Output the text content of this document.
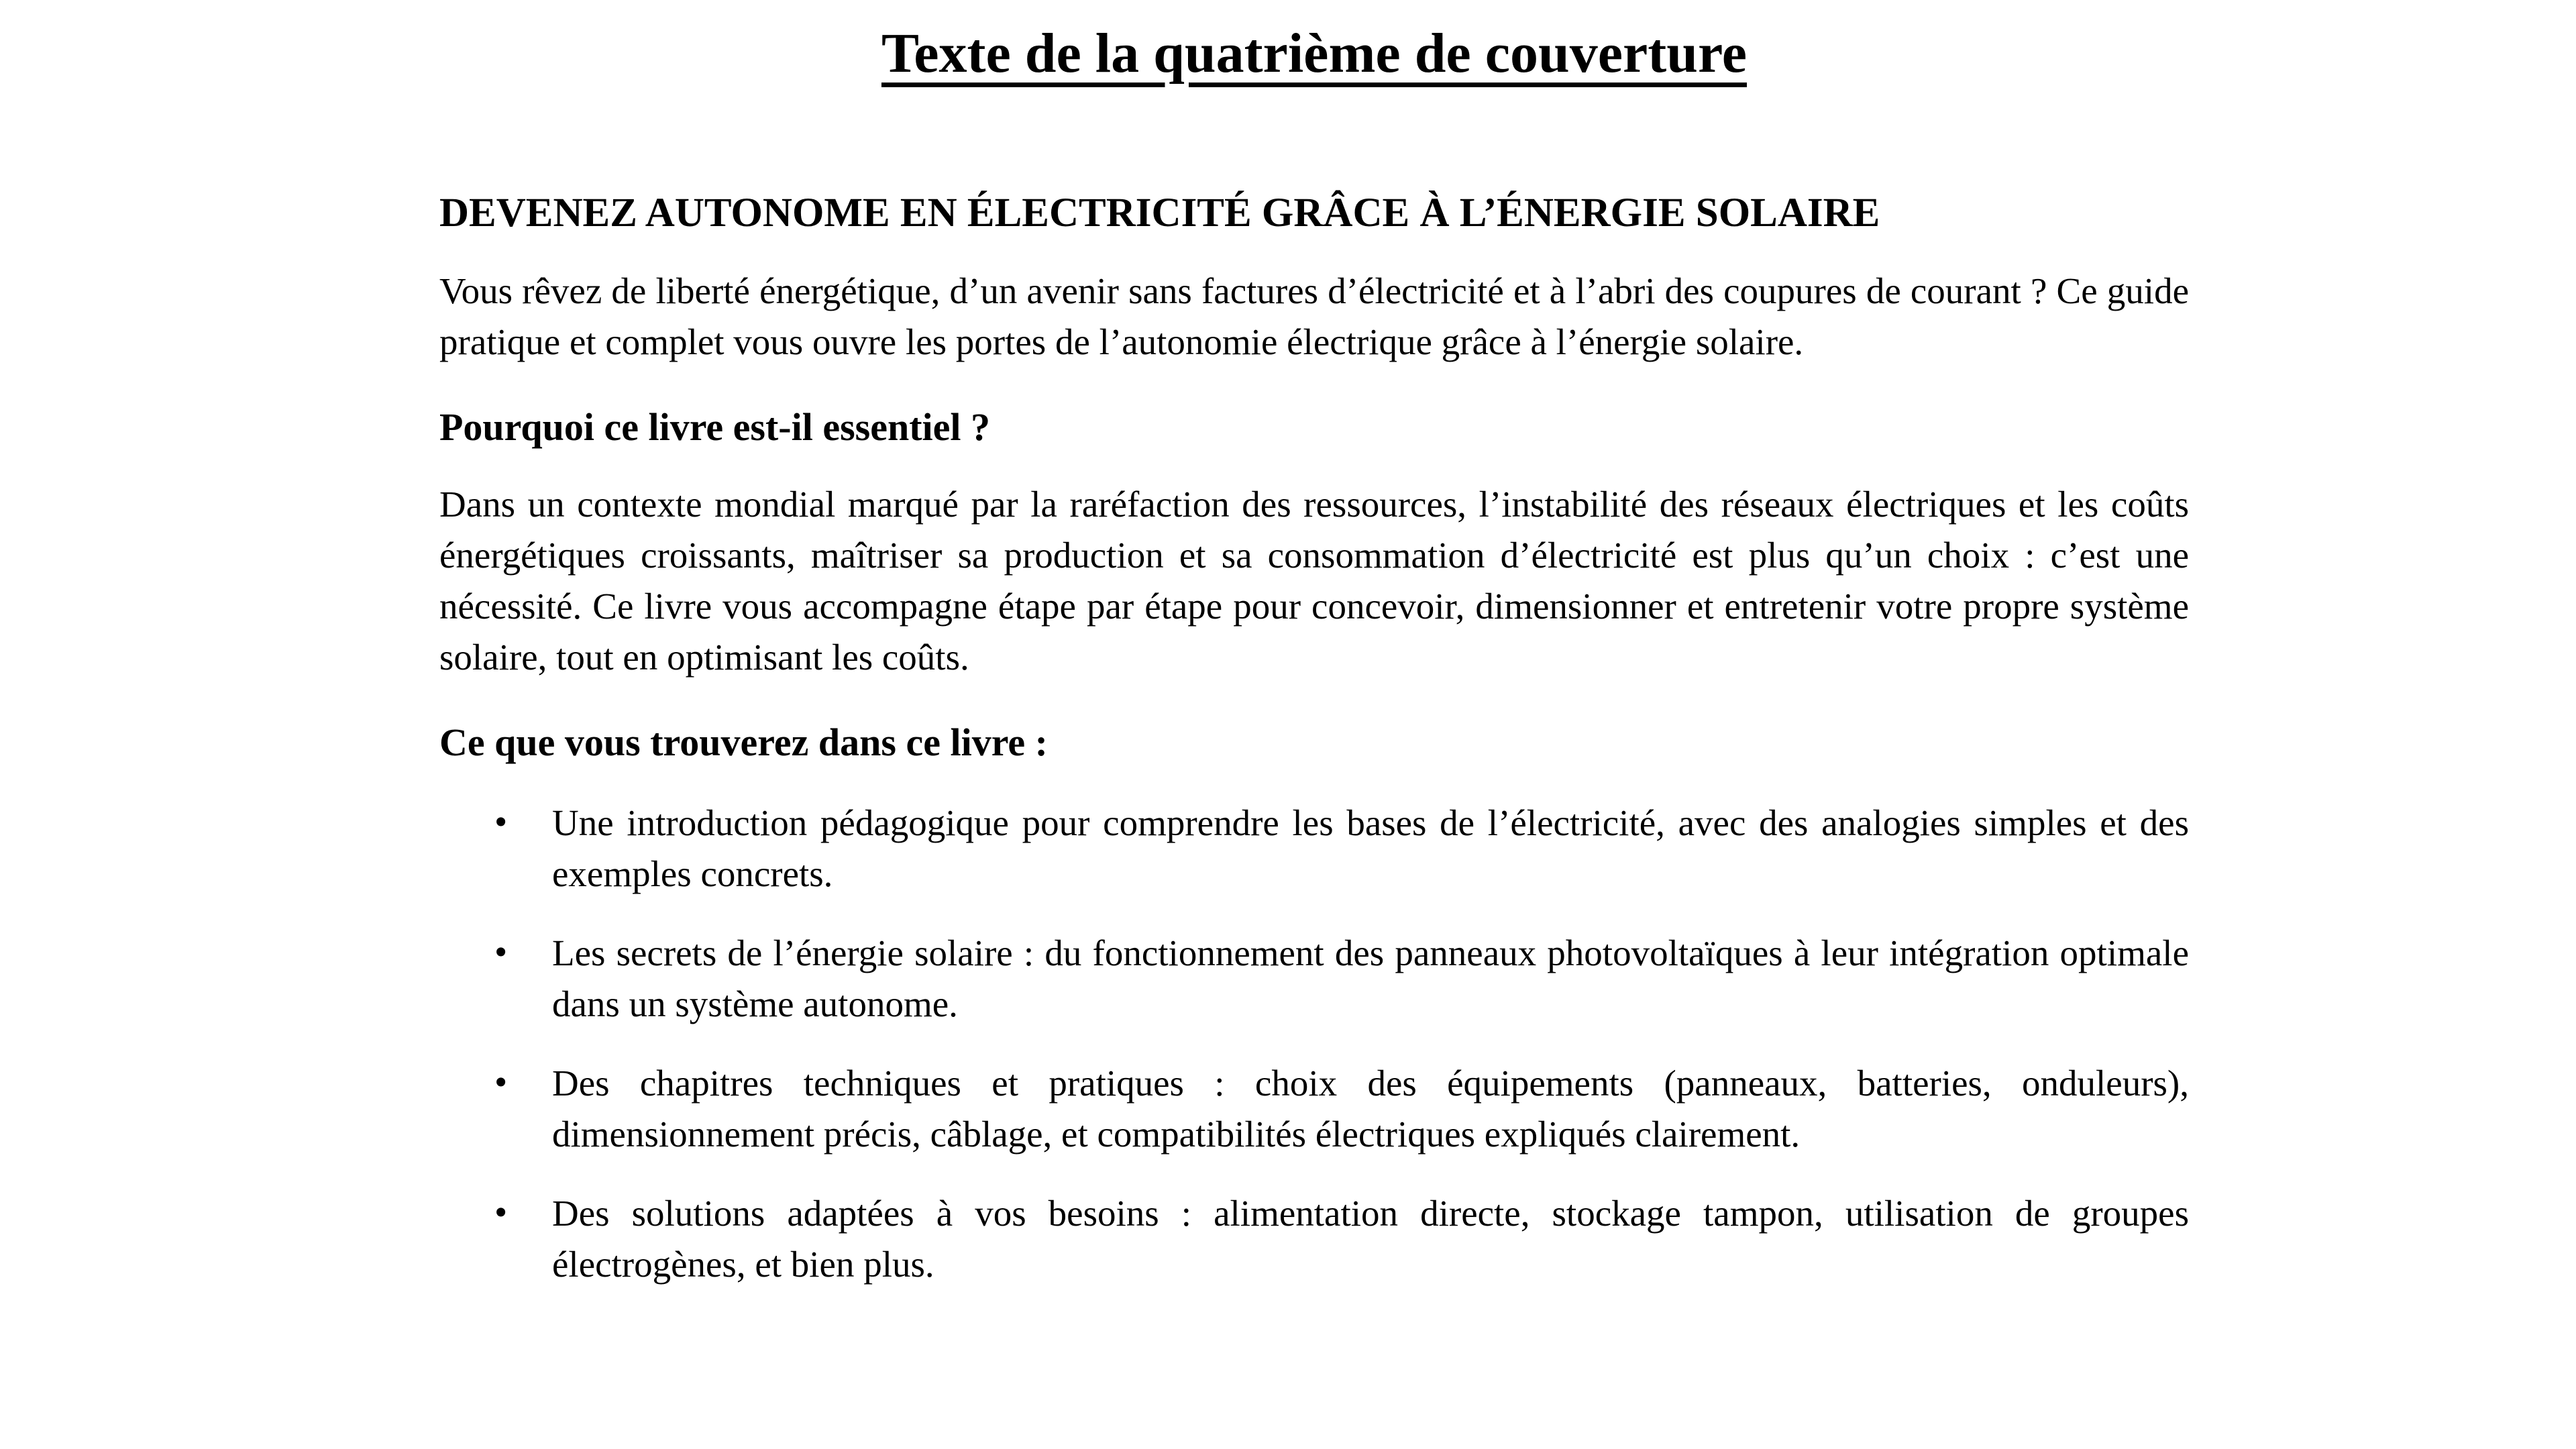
Texte de la quatrième de couverture
DEVENEZ AUTONOME EN ÉLECTRICITÉ GRÂCE À L’ÉNERGIE SOLAIRE

Vous rêvez de liberté énergétique, d’un avenir sans factures d’électricité et à l’abri des coupures de courant ? Ce guide pratique et complet vous ouvre les portes de l’autonomie électrique grâce à l’énergie solaire.

Pourquoi ce livre est-il essentiel ?

Dans un contexte mondial marqué par la raréfaction des ressources, l’instabilité des réseaux électriques et les coûts énergétiques croissants, maîtriser sa production et sa consommation d’électricité est plus qu’un choix : c’est une nécessité. Ce livre vous accompagne étape par étape pour concevoir, dimensionner et entretenir votre propre système solaire, tout en optimisant les coûts.

Ce que vous trouverez dans ce livre :
• Une introduction pédagogique pour comprendre les bases de l’électricité, avec des analogies simples et des exemples concrets.
• Les secrets de l’énergie solaire : du fonctionnement des panneaux photovoltaïques à leur intégration optimale dans un système autonome.
• Des chapitres techniques et pratiques : choix des équipements (panneaux, batteries, onduleurs), dimensionnement précis, câblage, et compatibilités électriques expliqués clairement.
• Des solutions adaptées à vos besoins : alimentation directe, stockage tampon, utilisation de groupes électrogènes, et bien plus.
